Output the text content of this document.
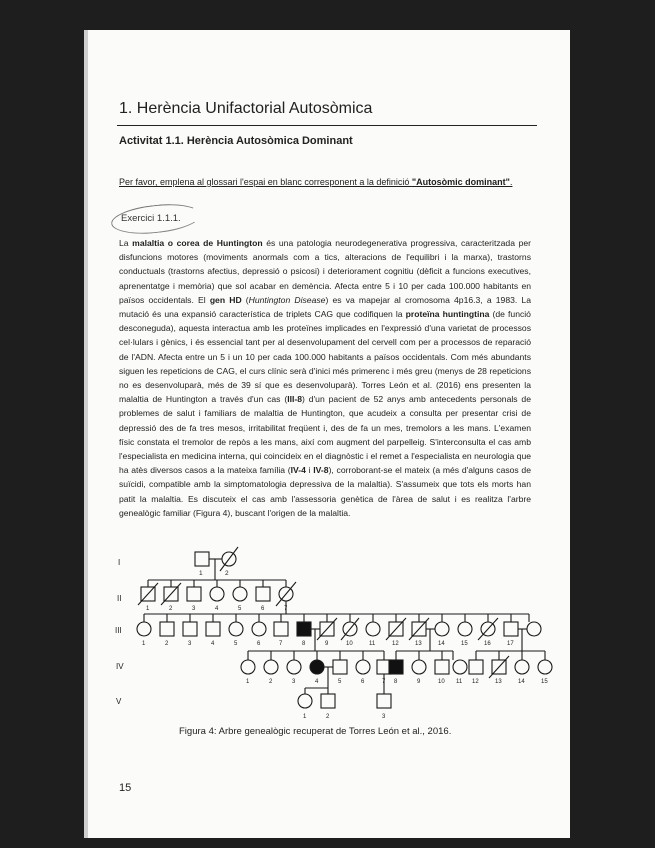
1. Herència Unifactorial Autosòmica
Activitat 1.1. Herència Autosòmica Dominant
Per favor, emplena al glossari l'espai en blanc corresponent a la definició "Autosòmic dominant".
Exercici 1.1.1.

La malaltia o corea de Huntington és una patologia neurodegenerativa progressiva, caracteritzada per disfuncions motores (moviments anormals com a tics, alteracions de l'equilibri i la marxa), trastorns conductuals (trastorns afectius, depressió o psicosi) i deteriorament cognitiu (dèficit a funcions executives, aprenentatge i memòria) que sol acabar en demència. Afecta entre 5 i 10 per cada 100.000 habitants en països occidentals. El gen HD (Huntington Disease) es va mapejar al cromosoma 4p16.3, a 1983. La mutació és una expansió característica de triplets CAG que codifiquen la proteïna huntingtina (de funció desconeguda), aquesta interactua amb les proteïnes implicades en l'expressió d'una varietat de processos cel·lulars i gènics, i és essencial tant per al desenvolupament del cervell com per a processos de reparació de l'ADN. Afecta entre un 5 i un 10 per cada 100.000 habitants a països occidentals. Com més abundants siguen les repeticions de CAG, el curs clínic serà d'inici més primerenc i més greu (menys de 28 repeticions no es desenvoluparà, més de 39 sí que es desenvoluparà). Torres León et al. (2016) ens presenten la malaltia de Huntington a través d'un cas (III-8) d'un pacient de 52 anys amb antecedents personals de problemes de salut i familiars de malaltia de Huntington, que acudeix a consulta per presentar crisi de depressió des de fa tres mesos, irritabilitat freqüent i, des de fa un mes, tremolors a les mans. L'examen físic constata el tremolor de repòs a les mans, així com augment del parpelleig. S'interconsulta el cas amb l'especialista en medicina interna, qui coincideix en el diagnòstic i el remet a l'especialista en neurologia que ha atès diversos casos a la mateixa família (IV-4 i IV-8), corroborant-se el mateix (a més d'alguns casos de suïcidi, compatible amb la simptomatologia depressiva de la malaltia). S'assumeix que tots els morts han patit la malaltia. Es discuteix el cas amb l'assessoria genètica de l'àrea de salut i es realitza l'arbre genealògic familiar (Figura 4), buscant l'origen de la malaltia.

I
II
III
IV
V
1	2
1	2	3	4	5	6	7
1	2	3	4	5	6	7	8	9	10	11	12	13	14	15	16	17
1	2	3	4	5	6	7 8	9	10 11 12	13	14	15
1	2	3
Figura 4: Arbre genealògic recuperat de Torres León et al., 2016.
15
